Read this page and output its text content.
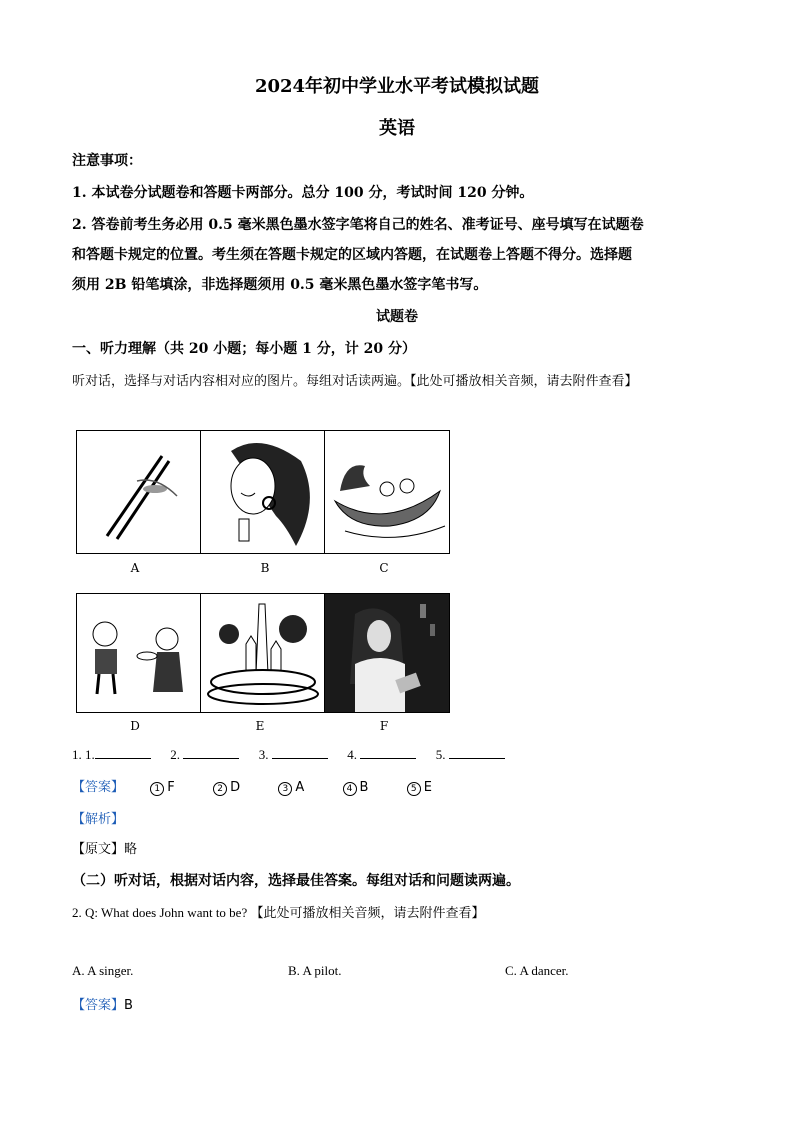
2024年初中学业水平考试模拟试题
英语
注意事项：
1. 本试卷分试题卷和答题卡两部分。总分 100 分，考试时间 120 分钟。
2. 答卷前考生务必用 0.5 毫米黑色墨水签字笔将自己的姓名、准考证号、座号填写在试题卷
和答题卡规定的位置。考生须在答题卡规定的区域内答题，在试题卷上答题不得分。选择题
须用 2B 铅笔填涂，非选择题须用 0.5 毫米黑色墨水签字笔书写。
试题卷
一、听力理解（共 20 小题；每小题 1 分，计 20 分）
听对话，选择与对话内容相对应的图片。每组对话读两遍。【此处可播放相关音频，请去附件查看】
A	B	C
D	E	F
1. 1.	2.	3.	4.	5.
【答案】	1 F	2 D	3 A	4 B	5 E
【解析】
【原文】略
（二）听对话，根据对话内容，选择最佳答案。每组对话和问题读两遍。
2. Q: What does John want to be? 【此处可播放相关音频，请去附件查看】
A. A singer.	B. A pilot.	C. A dancer.
【答案】B
